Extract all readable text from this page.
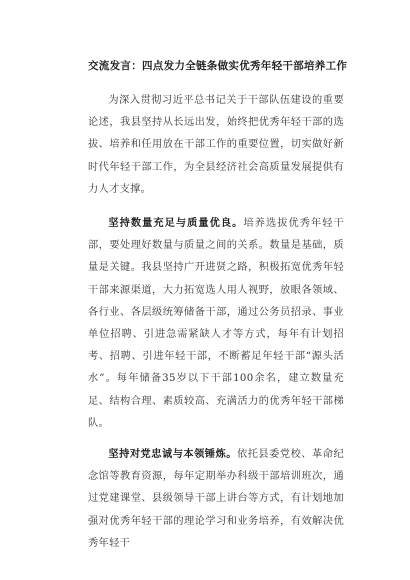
交流发言：四点发力全链条做实优秀年轻干部培养工作

为深入贯彻习近平总书记关于干部队伍建设的重要论述，我县坚持从长远出发，始终把优秀年轻干部的选拔、培养和任用放在干部工作的重要位置，切实做好新时代年轻干部工作，为全县经济社会高质量发展提供有力人才支撑。

坚持数量充足与质量优良。培养选拔优秀年轻干部，要处理好数量与质量之间的关系。数量是基础，质量是关键。我县坚持广开进贤之路，积极拓宽优秀年轻干部来源渠道，大力拓宽选人用人视野，放眼各领域、各行业、各层级统筹储备干部，通过公务员招录、事业单位招聘、引进急需紧缺人才等方式，每年有计划招考、招聘、引进年轻干部，不断蓄足年轻干部“源头活水”。每年储备35岁以下干部100余名，建立数量充足、结构合理、素质较高、充满活力的优秀年轻干部梯队。

坚持对党忠诚与本领锤炼。依托县委党校、革命纪念馆等教育资源，每年定期举办科级干部培训班次，通过党建课堂、县级领导干部上讲台等方式，有计划地加强对优秀年轻干部的理论学习和业务培养，有效解决优秀年轻干
